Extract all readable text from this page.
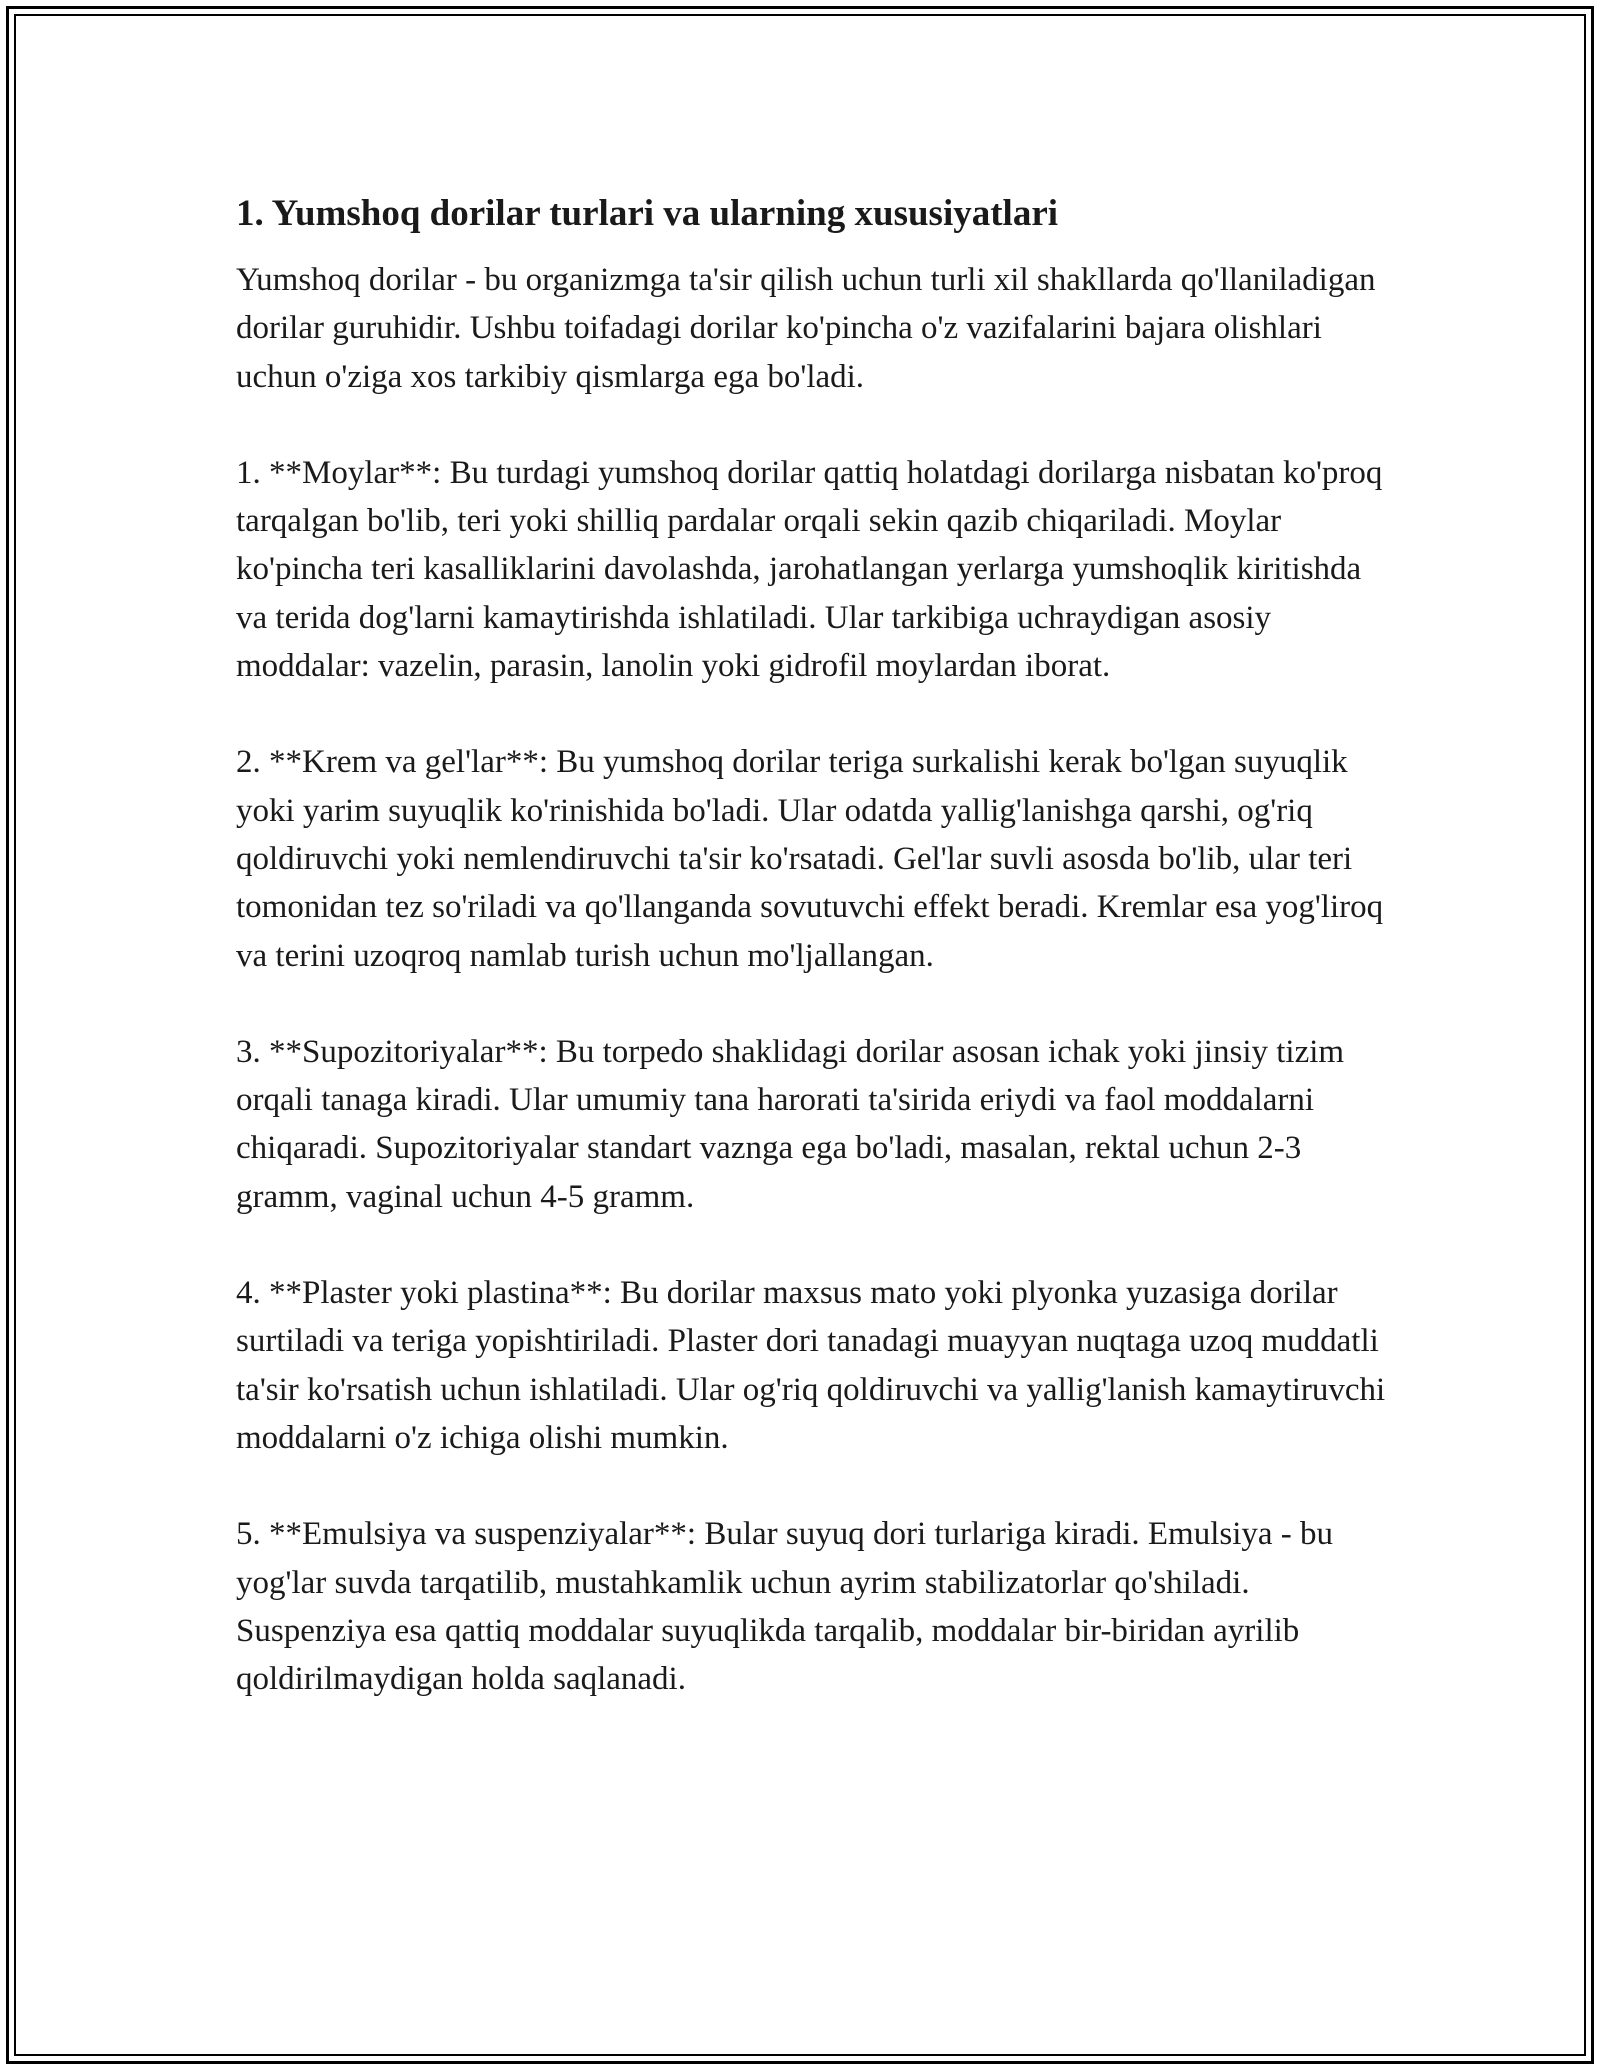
1. Yumshoq dorilar turlari va ularning xususiyatlari

Yumshoq dorilar - bu organizmga ta'sir qilish uchun turli xil shakllarda qo'llaniladigan dorilar guruhidir. Ushbu toifadagi dorilar ko'pincha o'z vazifalarini bajara olishlari uchun o'ziga xos tarkibiy qismlarga ega bo'ladi.

1. **Moylar**: Bu turdagi yumshoq dorilar qattiq holatdagi dorilarga nisbatan ko'proq tarqalgan bo'lib, teri yoki shilliq pardalar orqali sekin qazib chiqariladi. Moylar ko'pincha teri kasalliklarini davolashda, jarohatlangan yerlarga yumshoqlik kiritishda va terida dog'larni kamaytirishda ishlatiladi. Ular tarkibiga uchraydigan asosiy moddalar: vazelin, parasin, lanolin yoki gidrofil moylardan iborat.

2. **Krem va gel'lar**: Bu yumshoq dorilar teriga surkalishi kerak bo'lgan suyuqlik yoki yarim suyuqlik ko'rinishida bo'ladi. Ular odatda yallig'lanishga qarshi, og'riq qoldiruvchi yoki nemlendiruvchi ta'sir ko'rsatadi. Gel'lar suvli asosda bo'lib, ular teri tomonidan tez so'riladi va qo'llanganda sovutuvchi effekt beradi. Kremlar esa yog'liroq va terini uzoqroq namlab turish uchun mo'ljallangan.

3. **Supozitoriyalar**: Bu torpedo shaklidagi dorilar asosan ichak yoki jinsiy tizim orqali tanaga kiradi. Ular umumiy tana harorati ta'sirida eriydi va faol moddalarni chiqaradi. Supozitoriyalar standart vaznga ega bo'ladi, masalan, rektal uchun 2-3 gramm, vaginal uchun 4-5 gramm.

4. **Plaster yoki plastina**: Bu dorilar maxsus mato yoki plyonka yuzasiga dorilar surtiladi va teriga yopishtiriladi. Plaster dori tanadagi muayyan nuqtaga uzoq muddatli ta'sir ko'rsatish uchun ishlatiladi. Ular og'riq qoldiruvchi va yallig'lanish kamaytiruvchi moddalarni o'z ichiga olishi mumkin.

5. **Emulsiya va suspenziyalar**: Bular suyuq dori turlariga kiradi. Emulsiya - bu yog'lar suvda tarqatilib, mustahkamlik uchun ayrim stabilizatorlar qo'shiladi. Suspenziya esa qattiq moddalar suyuqlikda tarqalib, moddalar bir-biridan ayrilib qoldirilmaydigan holda saqlanadi.
